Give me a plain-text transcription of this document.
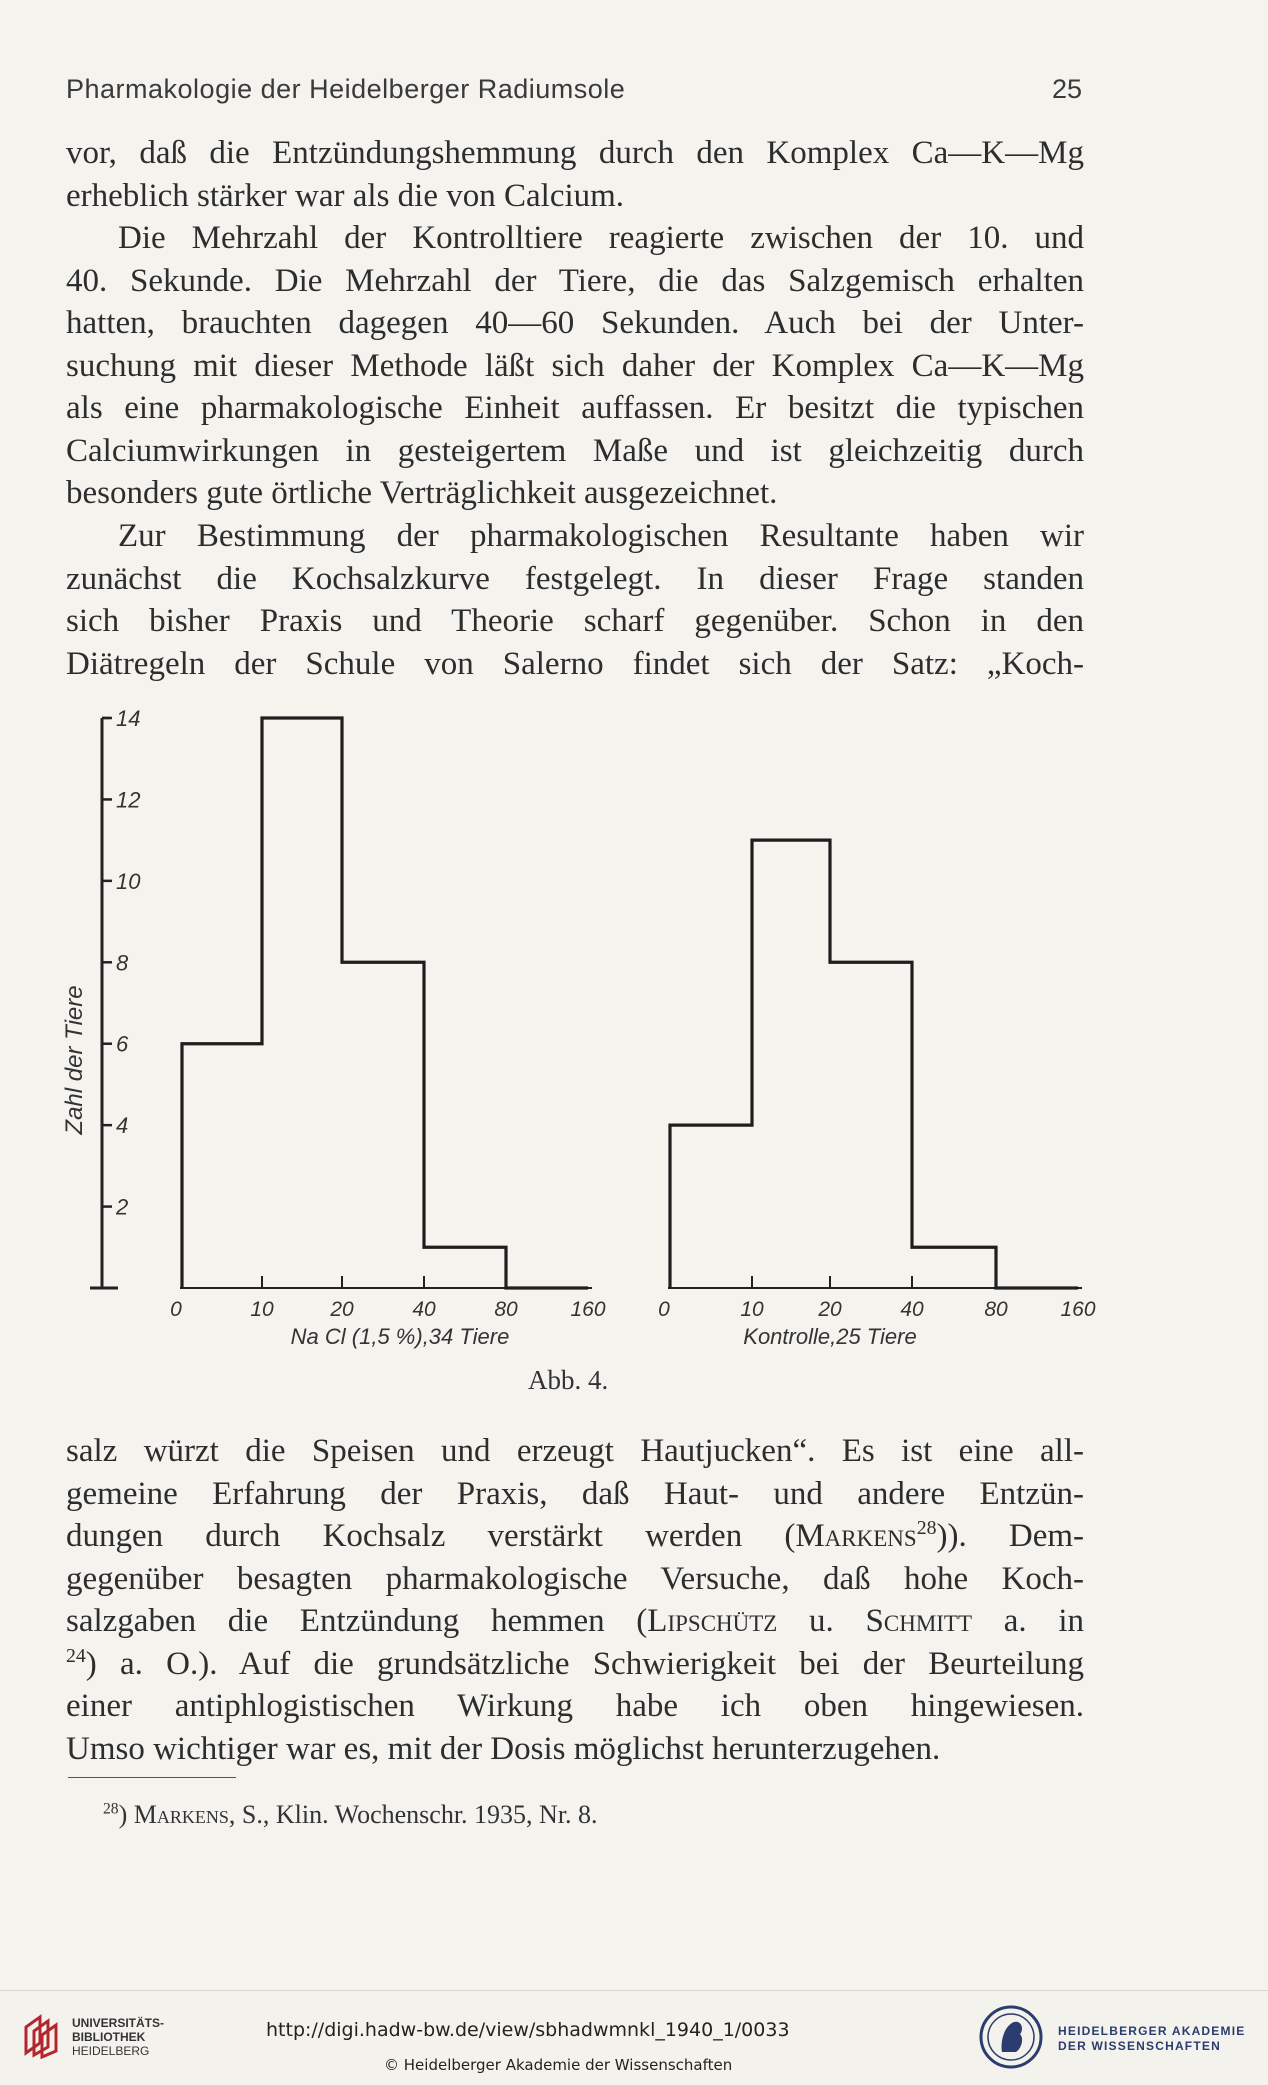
Pharmakologie der Heidelberger Radiumsole	25
vor, daß die Entzündungshemmung durch den Komplex Ca—K—Mg
erheblich stärker war als die von Calcium.
Die Mehrzahl der Kontrolltiere reagierte zwischen der 10. und
40. Sekunde. Die Mehrzahl der Tiere, die das Salzgemisch erhalten
hatten, brauchten dagegen 40—60 Sekunden. Auch bei der Unter-
suchung mit dieser Methode läßt sich daher der Komplex Ca—K—Mg
als eine pharmakologische Einheit auffassen. Er besitzt die typischen
Calciumwirkungen in gesteigertem Maße und ist gleichzeitig durch
besonders gute örtliche Verträglichkeit ausgezeichnet.
Zur Bestimmung der pharmakologischen Resultante haben wir
zunächst die Kochsalzkurve festgelegt. In dieser Frage standen
sich bisher Praxis und Theorie scharf gegenüber. Schon in den
Diätregeln der Schule von Salerno findet sich der Satz: „Koch-
14
12
10
8
6
4
2
Zahl der Tiere
0	10	20	40	80	160
Na Cl (1,5 %),34 Tiere
0	10	20	40	80	160
Kontrolle,25 Tiere
Abb. 4.
salz würzt die Speisen und erzeugt Hautjucken“. Es ist eine all-
gemeine Erfahrung der Praxis, daß Haut- und andere Entzün-
dungen durch Kochsalz verstärkt werden (Markens$^{28}$)). Dem-
gegenüber besagten pharmakologische Versuche, daß hohe Koch-
salzgaben die Entzündung hemmen (Lipschütz u. Schmitt a. in
$^{24}$) a. O.). Auf die grundsätzliche Schwierigkeit bei der Beurteilung
einer antiphlogistischen Wirkung habe ich oben hingewiesen.
Umso wichtiger war es, mit der Dosis möglichst herunterzugehen.
$^{28}$) Markens, S., Klin. Wochenschr. 1935, Nr. 8.
UNIVERSITÄTS-
BIBLIOTHEK
HEIDELBERG
http://digi.hadw-bw.de/view/sbhadwmnkl_1940_1/0033
© Heidelberger Akademie der Wissenschaften
HEIDELBERGER AKADEMIE
DER WISSENSCHAFTEN
